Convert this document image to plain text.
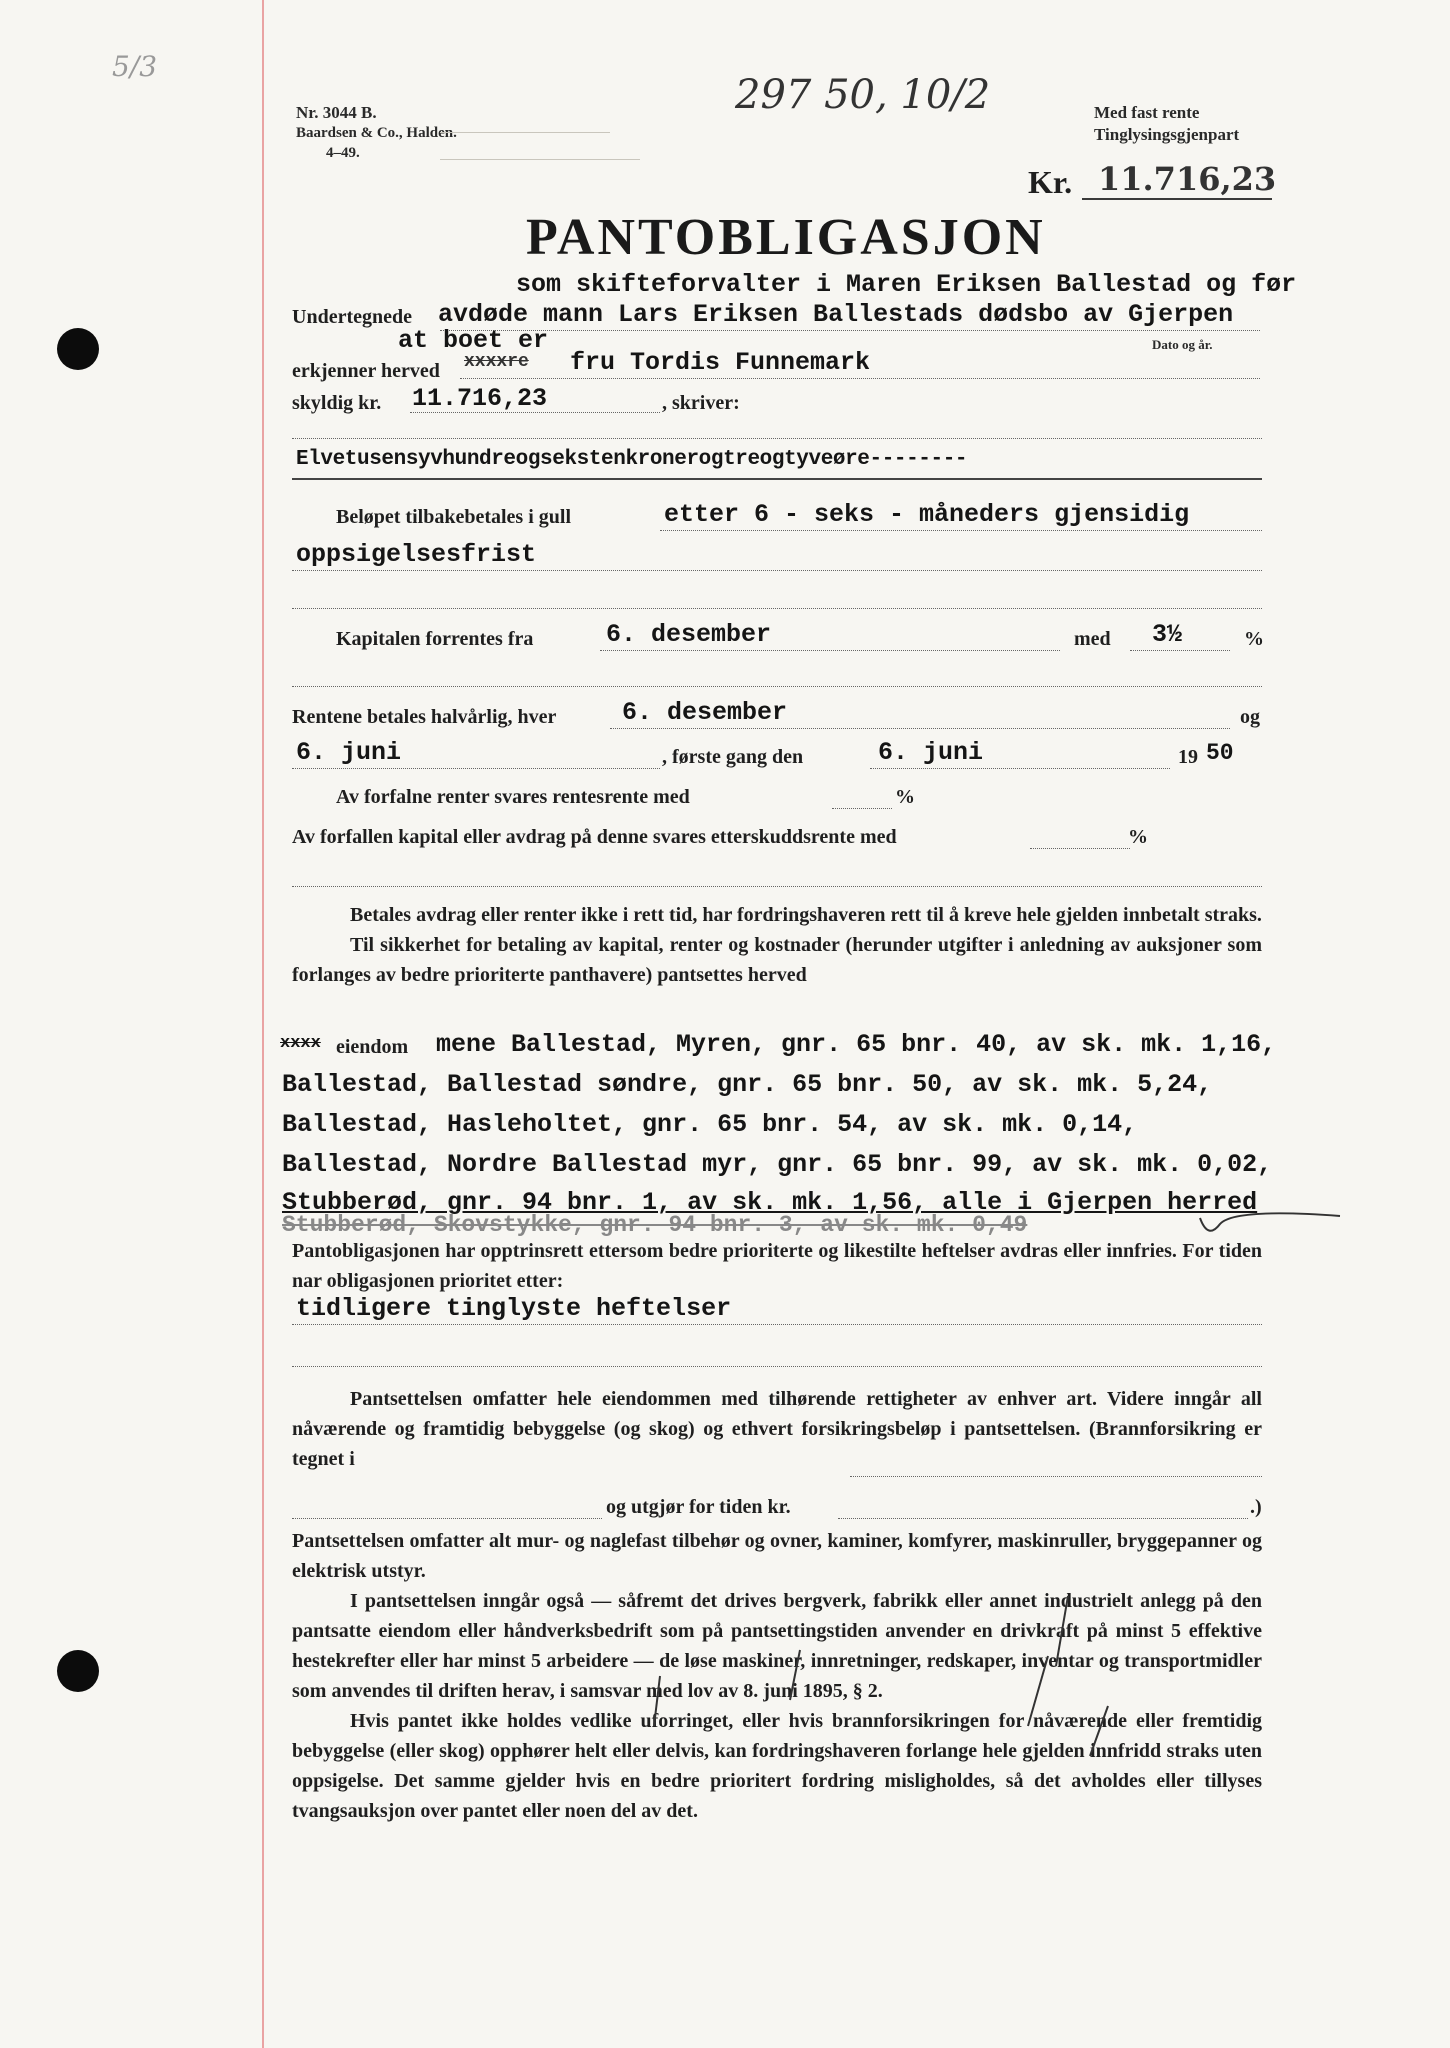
5/3
Nr. 3044 B.
Baardsen & Co., Halden.
4–49.
297 50, 10/2	Med fast rente
Tinglysingsgjenpart
Kr. 11.716,23
PANTOBLIGASJON
som skifteforvalter i Maren Eriksen Ballestad og før
Undertegnede avdøde mann Lars Eriksen Ballestads dødsbo av Gjerpen
Dato og år.
at boet er
erkjenner herved xxxxre fru Tordis Funnemark
skyldig kr. 11.716,23	, skriver:
Elvetusensyvhundreogsekstenkronerogtreogtyveøre--------
Beløpet tilbakebetales i gull	etter 6 - seks - måneders gjensidig
oppsigelsesfrist
Kapitalen forrentes fra	6. desember	med 3½	%
Rentene betales halvårlig, hver	6. desember	og
6. juni	, første gang den	6. juni	19 50
Av forfalne renter svares rentesrente med	%
Av forfallen kapital eller avdrag på denne svares etterskuddsrente med	%

Betales avdrag eller renter ikke i rett tid, har fordringshaveren rett til å kreve hele gjelden innbetalt straks.

Til sikkerhet for betaling av kapital, renter og kostnader (herunder utgifter i anledning av auksjoner som forlanges av bedre prioriterte panthavere) pantsettes herved

xxxx eiendom mene Ballestad, Myren, gnr. 65 bnr. 40, av sk. mk. 1,16,
Ballestad, Ballestad søndre, gnr. 65 bnr. 50, av sk. mk. 5,24,
Ballestad, Hasleholtet, gnr. 65 bnr. 54, av sk. mk. 0,14,
Ballestad, Nordre Ballestad myr, gnr. 65 bnr. 99, av sk. mk. 0,02,
Stubberød, gnr. 94 bnr. 1, av sk. mk. 1,56, alle i Gjerpen herred
Stubberød, Skovstykke, gnr. 94 bnr. 3, av sk. mk. 0,49

Pantobligasjonen har opptrinsrett ettersom bedre prioriterte og likestilte heftelser avdras eller innfries. For tiden nar obligasjonen prioritet etter:

tidligere tinglyste heftelser

Pantsettelsen omfatter hele eiendommen med tilhørende rettigheter av enhver art. Videre inngår all nåværende og framtidig bebyggelse (og skog) og ethvert forsikringsbeløp i pantsettelsen. (Brannforsikring er tegnet i

og utgjør for tiden kr.	.)

Pantsettelsen omfatter alt mur- og naglefast tilbehør og ovner, kaminer, komfyrer, maskinruller, bryggepanner og elektrisk utstyr.

I pantsettelsen inngår også — såfremt det drives bergverk, fabrikk eller annet industrielt anlegg på den pantsatte eiendom eller håndverksbedrift som på pantsettingstiden anvender en drivkraft på minst 5 effektive hestekrefter eller har minst 5 arbeidere — de løse maskiner, innretninger, redskaper, inventar og transportmidler som anvendes til driften herav, i samsvar med lov av 8. juni 1895, § 2.

Hvis pantet ikke holdes vedlike uforringet, eller hvis brannforsikringen for nåværende eller fremtidig bebyggelse (eller skog) opphører helt eller delvis, kan fordringshaveren forlange hele gjelden innfridd straks uten oppsigelse. Det samme gjelder hvis en bedre prioritert fordring misligholdes, så det avholdes eller tillyses tvangsauksjon over pantet eller noen del av det.
